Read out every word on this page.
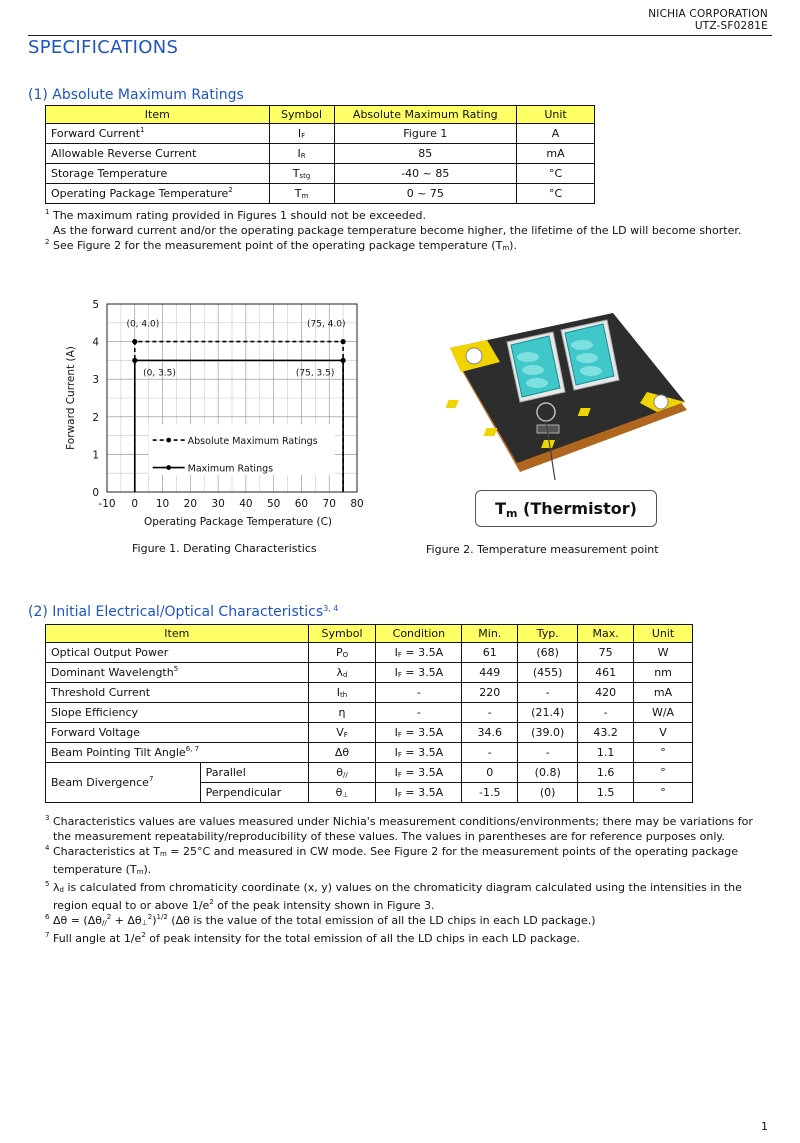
NICHIA CORPORATION
UTZ-SF0281E
SPECIFICATIONS
(1) Absolute Maximum Ratings
Item	Symbol	Absolute Maximum Rating	Unit
Forward Current$^1$	IF	Figure 1	A
Allowable Reverse Current	IR	85	mA
Storage Temperature	Tstg	-40 ~ 85	°C
Operating Package Temperature$^2$	Tm	0 ~ 75	°C
$^1$ The maximum rating provided in Figures 1 should not be exceeded.
As the forward current and/or the operating package temperature become higher, the lifetime of the LD will become shorter.
$^2$ See Figure 2 for the measurement point of the operating package temperature (Tm).
-10 0 10 20 30 40 50 60 70 80
0
1
2
3
4
5
Operating Package Temperature (C)
Forward Current (A)
(0, 4.0)	(75, 4.0)
(0, 3.5)	(75, 3.5)
Absolute Maximum Ratings
Maximum Ratings
Figure 1. Derating Characteristics
Tm (Thermistor)
Figure 2. Temperature measurement point
(2) Initial Electrical/Optical Characteristics$^{3, 4}$
Item		Symbol	Condition	Min.	Typ.	Max.	Unit
Optical Output Power		PO	IF = 3.5A	61	(68)	75	W
Dominant Wavelength$^5$		λd	IF = 3.5A	449	(455)	461	nm
Threshold Current		Ith	-	220	-	420	mA
Slope Efficiency		η	-	-	(21.4)	-	W/A
Forward Voltage		VF	IF = 3.5A	34.6	(39.0)	43.2	V
Beam Pointing Tilt Angle$^{6, 7}$		Δθ	IF = 3.5A	-	-	1.1	°
Beam Divergence$^7$	Parallel	θ//	IF = 3.5A	0	(0.8)	1.6	°
	Perpendicular	θ⊥	IF = 3.5A	-1.5	(0)	1.5	°
$^3$ Characteristics values are values measured under Nichia's measurement conditions/environments; there may be variations for
the measurement repeatability/reproducibility of these values. The values in parentheses are for reference purposes only.
$^4$ Characteristics at Tm = 25°C and measured in CW mode. See Figure 2 for the measurement points of the operating package
temperature (Tm).
$^5$ λd is calculated from chromaticity coordinate (x, y) values on the chromaticity diagram calculated using the intensities in the
region equal to or above $1/e^2$ of the peak intensity shown in Figure 3.
$^6$ Δθ = (Δθ//$^2$ + Δθ⊥$^2$)$^{1/2}$ (Δθ is the value of the total emission of all the LD chips in each LD package.)
$^7$ Full angle at $1/e^2$ of peak intensity for the total emission of all the LD chips in each LD package.
1
